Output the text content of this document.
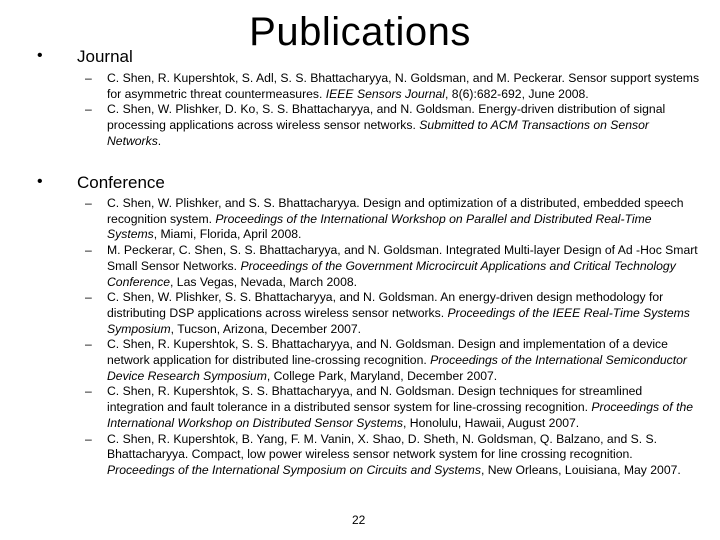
Publications
• Journal
– C. Shen, R. Kupershtok, S. Adl, S. S. Bhattacharyya, N. Goldsman, and M. Peckerar. Sensor support systems for asymmetric threat countermeasures. IEEE Sensors Journal, 8(6):682-692, June 2008.
– C. Shen, W. Plishker, D. Ko, S. S. Bhattacharyya, and N. Goldsman. Energy-driven distribution of signal processing applications across wireless sensor networks. Submitted to ACM Transactions on Sensor Networks.
• Conference
– C. Shen, W. Plishker, and S. S. Bhattacharyya. Design and optimization of a distributed, embedded speech recognition system. Proceedings of the International Workshop on Parallel and Distributed Real-Time Systems, Miami, Florida, April 2008.
– M. Peckerar, C. Shen, S. S. Bhattacharyya, and N. Goldsman. Integrated Multi-layer Design of Ad -Hoc Smart Small Sensor Networks. Proceedings of the Government Microcircuit Applications and Critical Technology Conference, Las Vegas, Nevada, March 2008.
– C. Shen, W. Plishker, S. S. Bhattacharyya, and N. Goldsman. An energy-driven design methodology for distributing DSP applications across wireless sensor networks. Proceedings of the IEEE Real-Time Systems Symposium, Tucson, Arizona, December 2007.
– C. Shen, R. Kupershtok, S. S. Bhattacharyya, and N. Goldsman. Design and implementation of a device network application for distributed line-crossing recognition. Proceedings of the International Semiconductor Device Research Symposium, College Park, Maryland, December 2007.
– C. Shen, R. Kupershtok, S. S. Bhattacharyya, and N. Goldsman. Design techniques for streamlined integration and fault tolerance in a distributed sensor system for line-crossing recognition. Proceedings of the International Workshop on Distributed Sensor Systems, Honolulu, Hawaii, August 2007.
– C. Shen, R. Kupershtok, B. Yang, F. M. Vanin, X. Shao, D. Sheth, N. Goldsman, Q. Balzano, and S. S. Bhattacharyya. Compact, low power wireless sensor network system for line crossing recognition. Proceedings of the International Symposium on Circuits and Systems, New Orleans, Louisiana, May 2007.
22
